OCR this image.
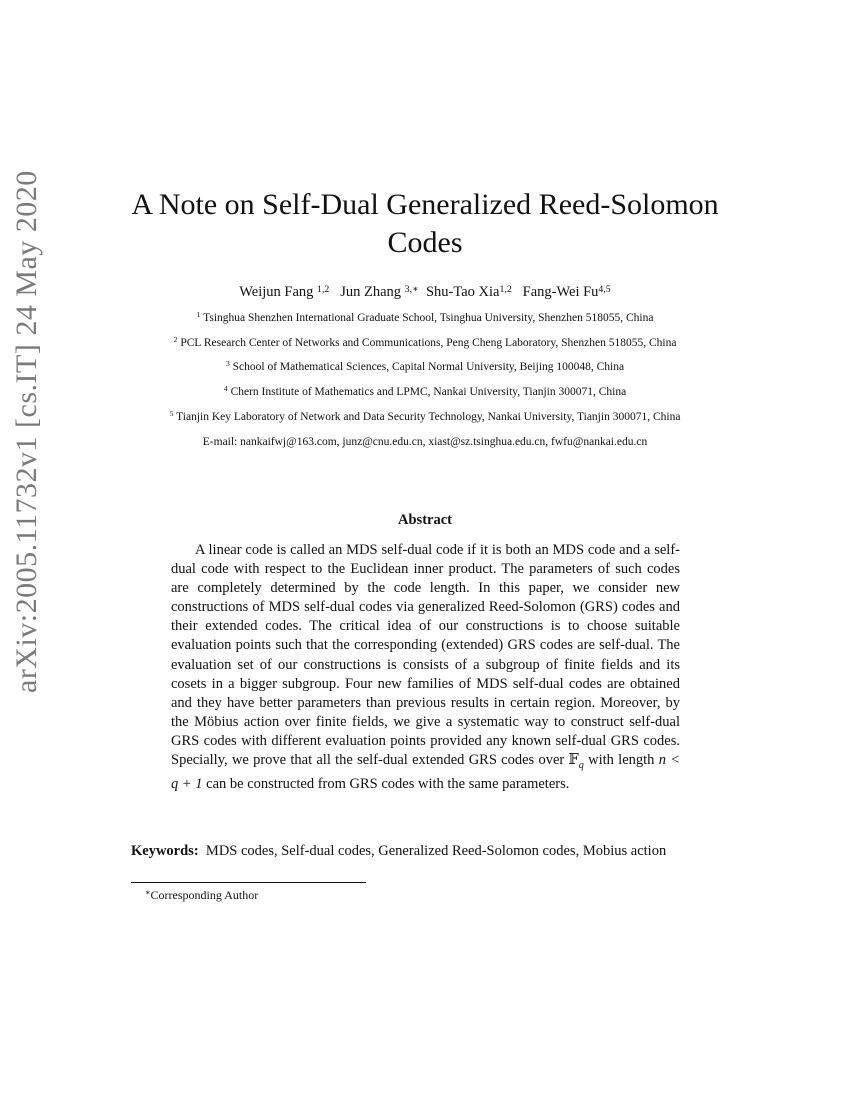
arXiv:2005.11732v1 [cs.IT] 24 May 2020	A Note on Self-Dual Generalized Reed-Solomon
Codes
Weijun Fang $^{1,2}$ Jun Zhang $^{3,∗}$ Shu-Tao Xia$^{1,2}$ Fang-Wei Fu$^{4,5}$
$^1$ Tsinghua Shenzhen International Graduate School, Tsinghua University, Shenzhen 518055, China
$^2$ PCL Research Center of Networks and Communications, Peng Cheng Laboratory, Shenzhen 518055, China
$^3$ School of Mathematical Sciences, Capital Normal University, Beijing 100048, China
$^4$ Chern Institute of Mathematics and LPMC, Nankai University, Tianjin 300071, China
$^5$ Tianjin Key Laboratory of Network and Data Security Technology, Nankai University, Tianjin 300071, China
E-mail: nankaifwj@163.com, junz@cnu.edu.cn, xiast@sz.tsinghua.edu.cn, fwfu@nankai.edu.cn
Abstract
A linear code is called an MDS self-dual code if it is both an MDS code and a self-dual code with respect to the Euclidean inner product. The parameters of such codes are completely determined by the code length. In this paper, we consider new constructions of MDS self-dual codes via generalized Reed-Solomon (GRS) codes and their extended codes. The critical idea of our constructions is to choose suitable evaluation points such that the corresponding (extended) GRS codes are self-dual. The evaluation set of our constructions is consists of a subgroup of finite fields and its cosets in a bigger subgroup. Four new families of MDS self-dual codes are obtained and they have better parameters than previous results in certain region. Moreover, by the Möbius action over finite fields, we give a systematic way to construct self-dual GRS codes with different evaluation points provided any known self-dual GRS codes. Specially, we prove that all the self-dual extended GRS codes over 𝔽$_q$ with length n < q + 1 can be constructed from GRS codes with the same parameters.
Keywords: MDS codes, Self-dual codes, Generalized Reed-Solomon codes, Mobius action
∗Corresponding Author
